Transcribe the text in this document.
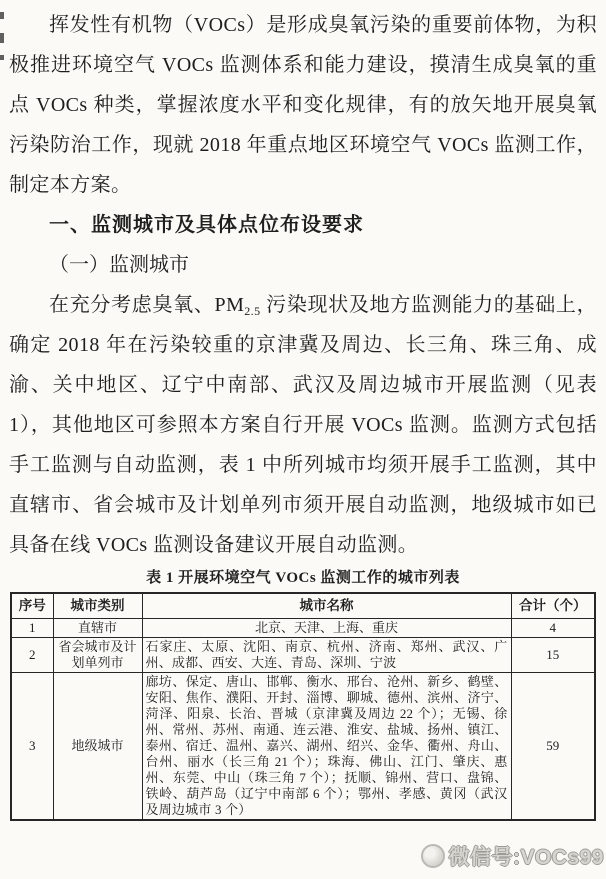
挥发性有机物（VOCs）是形成臭氧污染的重要前体物，为积极推进环境空气 VOCs 监测体系和能力建设，摸清生成臭氧的重点 VOCs 种类，掌握浓度水平和变化规律，有的放矢地开展臭氧污染防治工作，现就 2018 年重点地区环境空气 VOCs 监测工作，制定本方案。

一、监测城市及具体点位布设要求

（一）监测城市

在充分考虑臭氧、$PM_{2.5}$ 污染现状及地方监测能力的基础上，确定 2018 年在污染较重的京津冀及周边、长三角、珠三角、成渝、关中地区、辽宁中南部、武汉及周边城市开展监测（见表 1），其他地区可参照本方案自行开展 VOCs 监测。监测方式包括手工监测与自动监测，表 1 中所列城市均须开展手工监测，其中直辖市、省会城市及计划单列市须开展自动监测，地级城市如已具备在线 VOCs 监测设备建议开展自动监测。

表 1 开展环境空气 VOCs 监测工作的城市列表

序号	城市类别	城市名称	合计（个）
1	直辖市	北京、天津、上海、重庆	4
2	省会城市及计划单列市	石家庄、太原、沈阳、南京、杭州、济南、郑州、武汉、广州、成都、西安、大连、青岛、深圳、宁波	15
3	地级城市	廊坊、保定、唐山、邯郸、衡水、邢台、沧州、新乡、鹤壁、安阳、焦作、濮阳、开封、淄博、聊城、德州、滨州、济宁、菏泽、阳泉、长治、晋城（京津冀及周边 22 个）；无锡、徐州、常州、苏州、南通、连云港、淮安、盐城、扬州、镇江、泰州、宿迁、温州、嘉兴、湖州、绍兴、金华、衢州、舟山、台州、丽水（长三角 21 个）；珠海、佛山、江门、肇庆、惠州、东莞、中山（珠三角 7 个）；抚顺、锦州、营口、盘锦、铁岭、葫芦岛（辽宁中南部 6 个）；鄂州、孝感、黄冈（武汉及周边城市 3 个）	59
微信号:VOCs99
